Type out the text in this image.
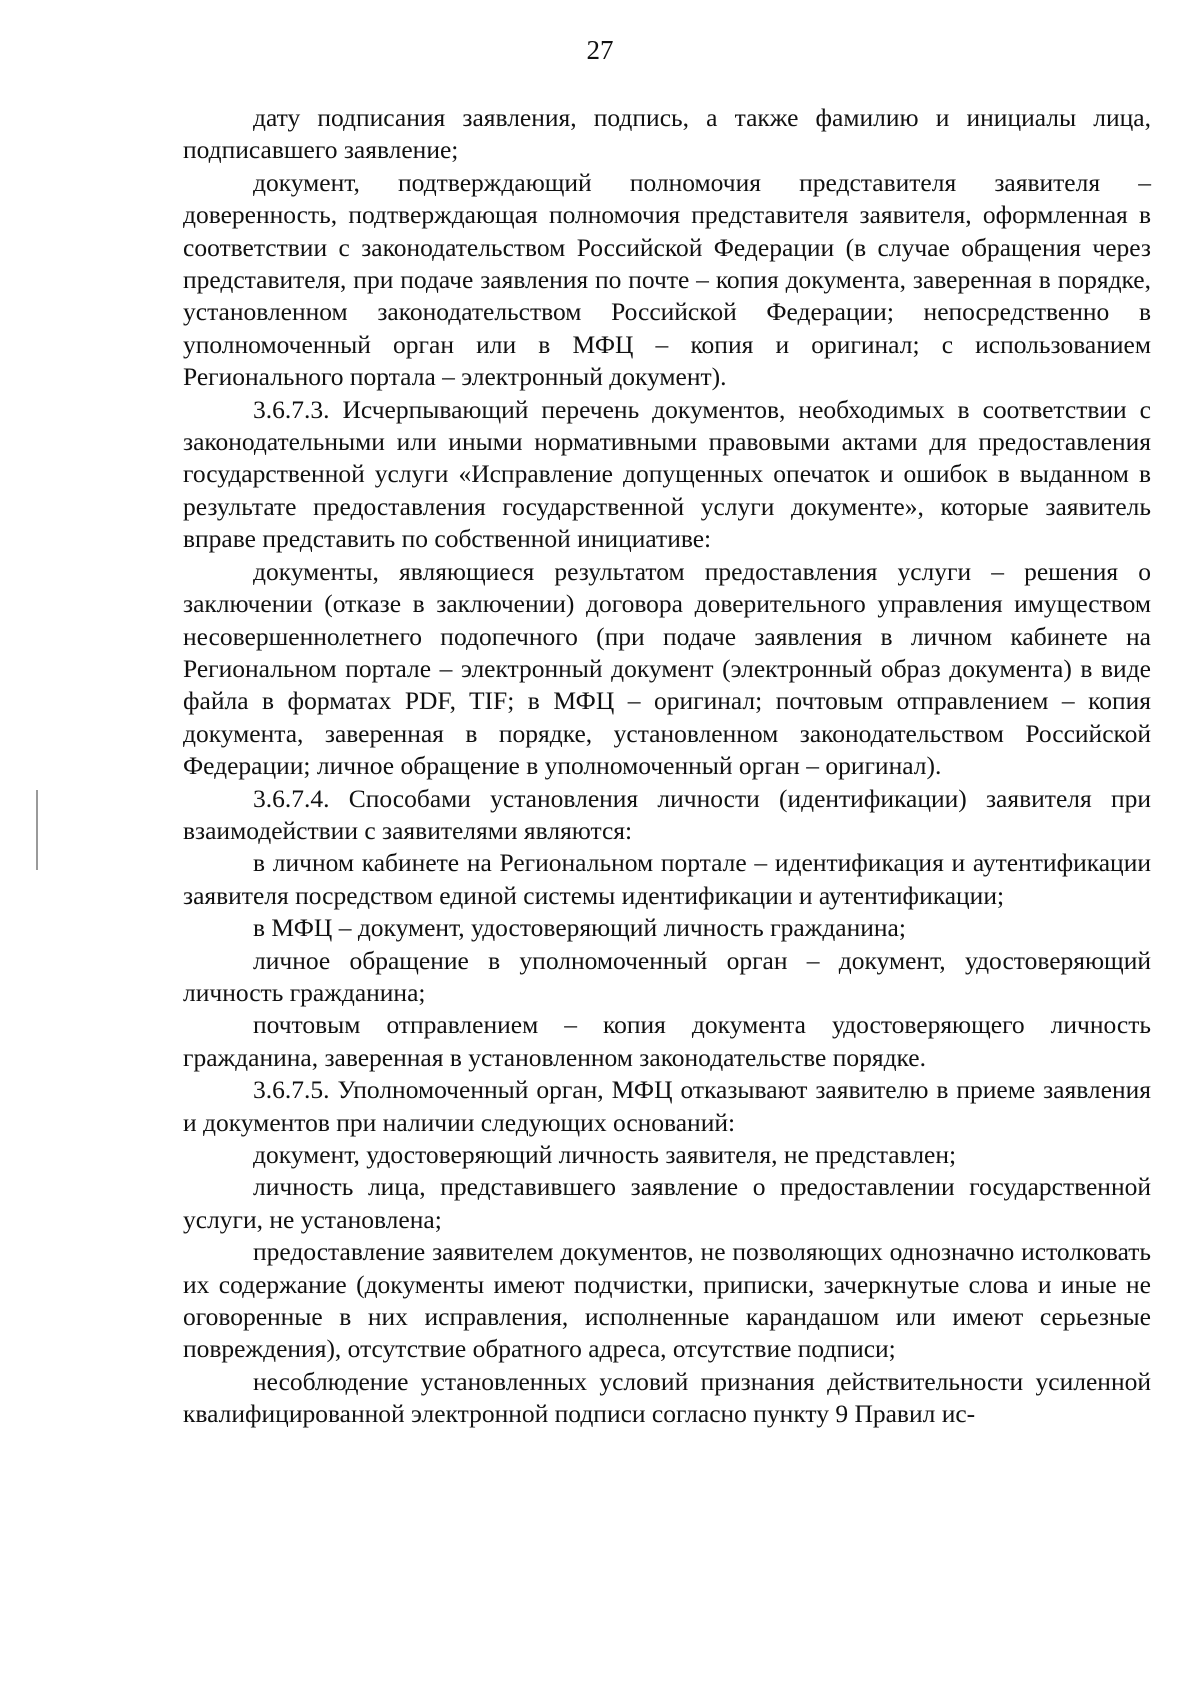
27

дату подписания заявления, подпись, а также фамилию и инициалы лица, подписавшего заявление;

документ, подтверждающий полномочия представителя заявителя – доверенность, подтверждающая полномочия представителя заявителя, оформленная в соответствии с законодательством Российской Федерации (в случае обращения через представителя, при подаче заявления по почте – копия документа, заверенная в порядке, установленном законодательством Российской Федерации; непосредственно в уполномоченный орган или в МФЦ – копия и оригинал; с использованием Регионального портала – электронный документ).

3.6.7.3. Исчерпывающий перечень документов, необходимых в соответствии с законодательными или иными нормативными правовыми актами для предоставления государственной услуги «Исправление допущенных опечаток и ошибок в выданном в результате предоставления государственной услуги документе», которые заявитель вправе представить по собственной инициативе:

документы, являющиеся результатом предоставления услуги – решения о заключении (отказе в заключении) договора доверительного управления имуществом несовершеннолетнего подопечного (при подаче заявления в личном кабинете на Региональном портале – электронный документ (электронный образ документа) в виде файла в форматах PDF, TIF; в МФЦ – оригинал; почтовым отправлением – копия документа, заверенная в порядке, установленном законодательством Российской Федерации; личное обращение в уполномоченный орган – оригинал).

3.6.7.4. Способами установления личности (идентификации) заявителя при взаимодействии с заявителями являются:

в личном кабинете на Региональном портале – идентификация и аутентификации заявителя посредством единой системы идентификации и аутентификации;

в МФЦ – документ, удостоверяющий личность гражданина;

личное обращение в уполномоченный орган – документ, удостоверяющий личность гражданина;

почтовым отправлением – копия документа удостоверяющего личность гражданина, заверенная в установленном законодательстве порядке.

3.6.7.5. Уполномоченный орган, МФЦ отказывают заявителю в приеме заявления и документов при наличии следующих оснований:

документ, удостоверяющий личность заявителя, не представлен;

личность лица, представившего заявление о предоставлении государственной услуги, не установлена;

предоставление заявителем документов, не позволяющих однозначно истолковать их содержание (документы имеют подчистки, приписки, зачеркнутые слова и иные не оговоренные в них исправления, исполненные карандашом или имеют серьезные повреждения), отсутствие обратного адреса, отсутствие подписи;

несоблюдение установленных условий признания действительности усиленной квалифицированной электронной подписи согласно пункту 9 Правил ис-
